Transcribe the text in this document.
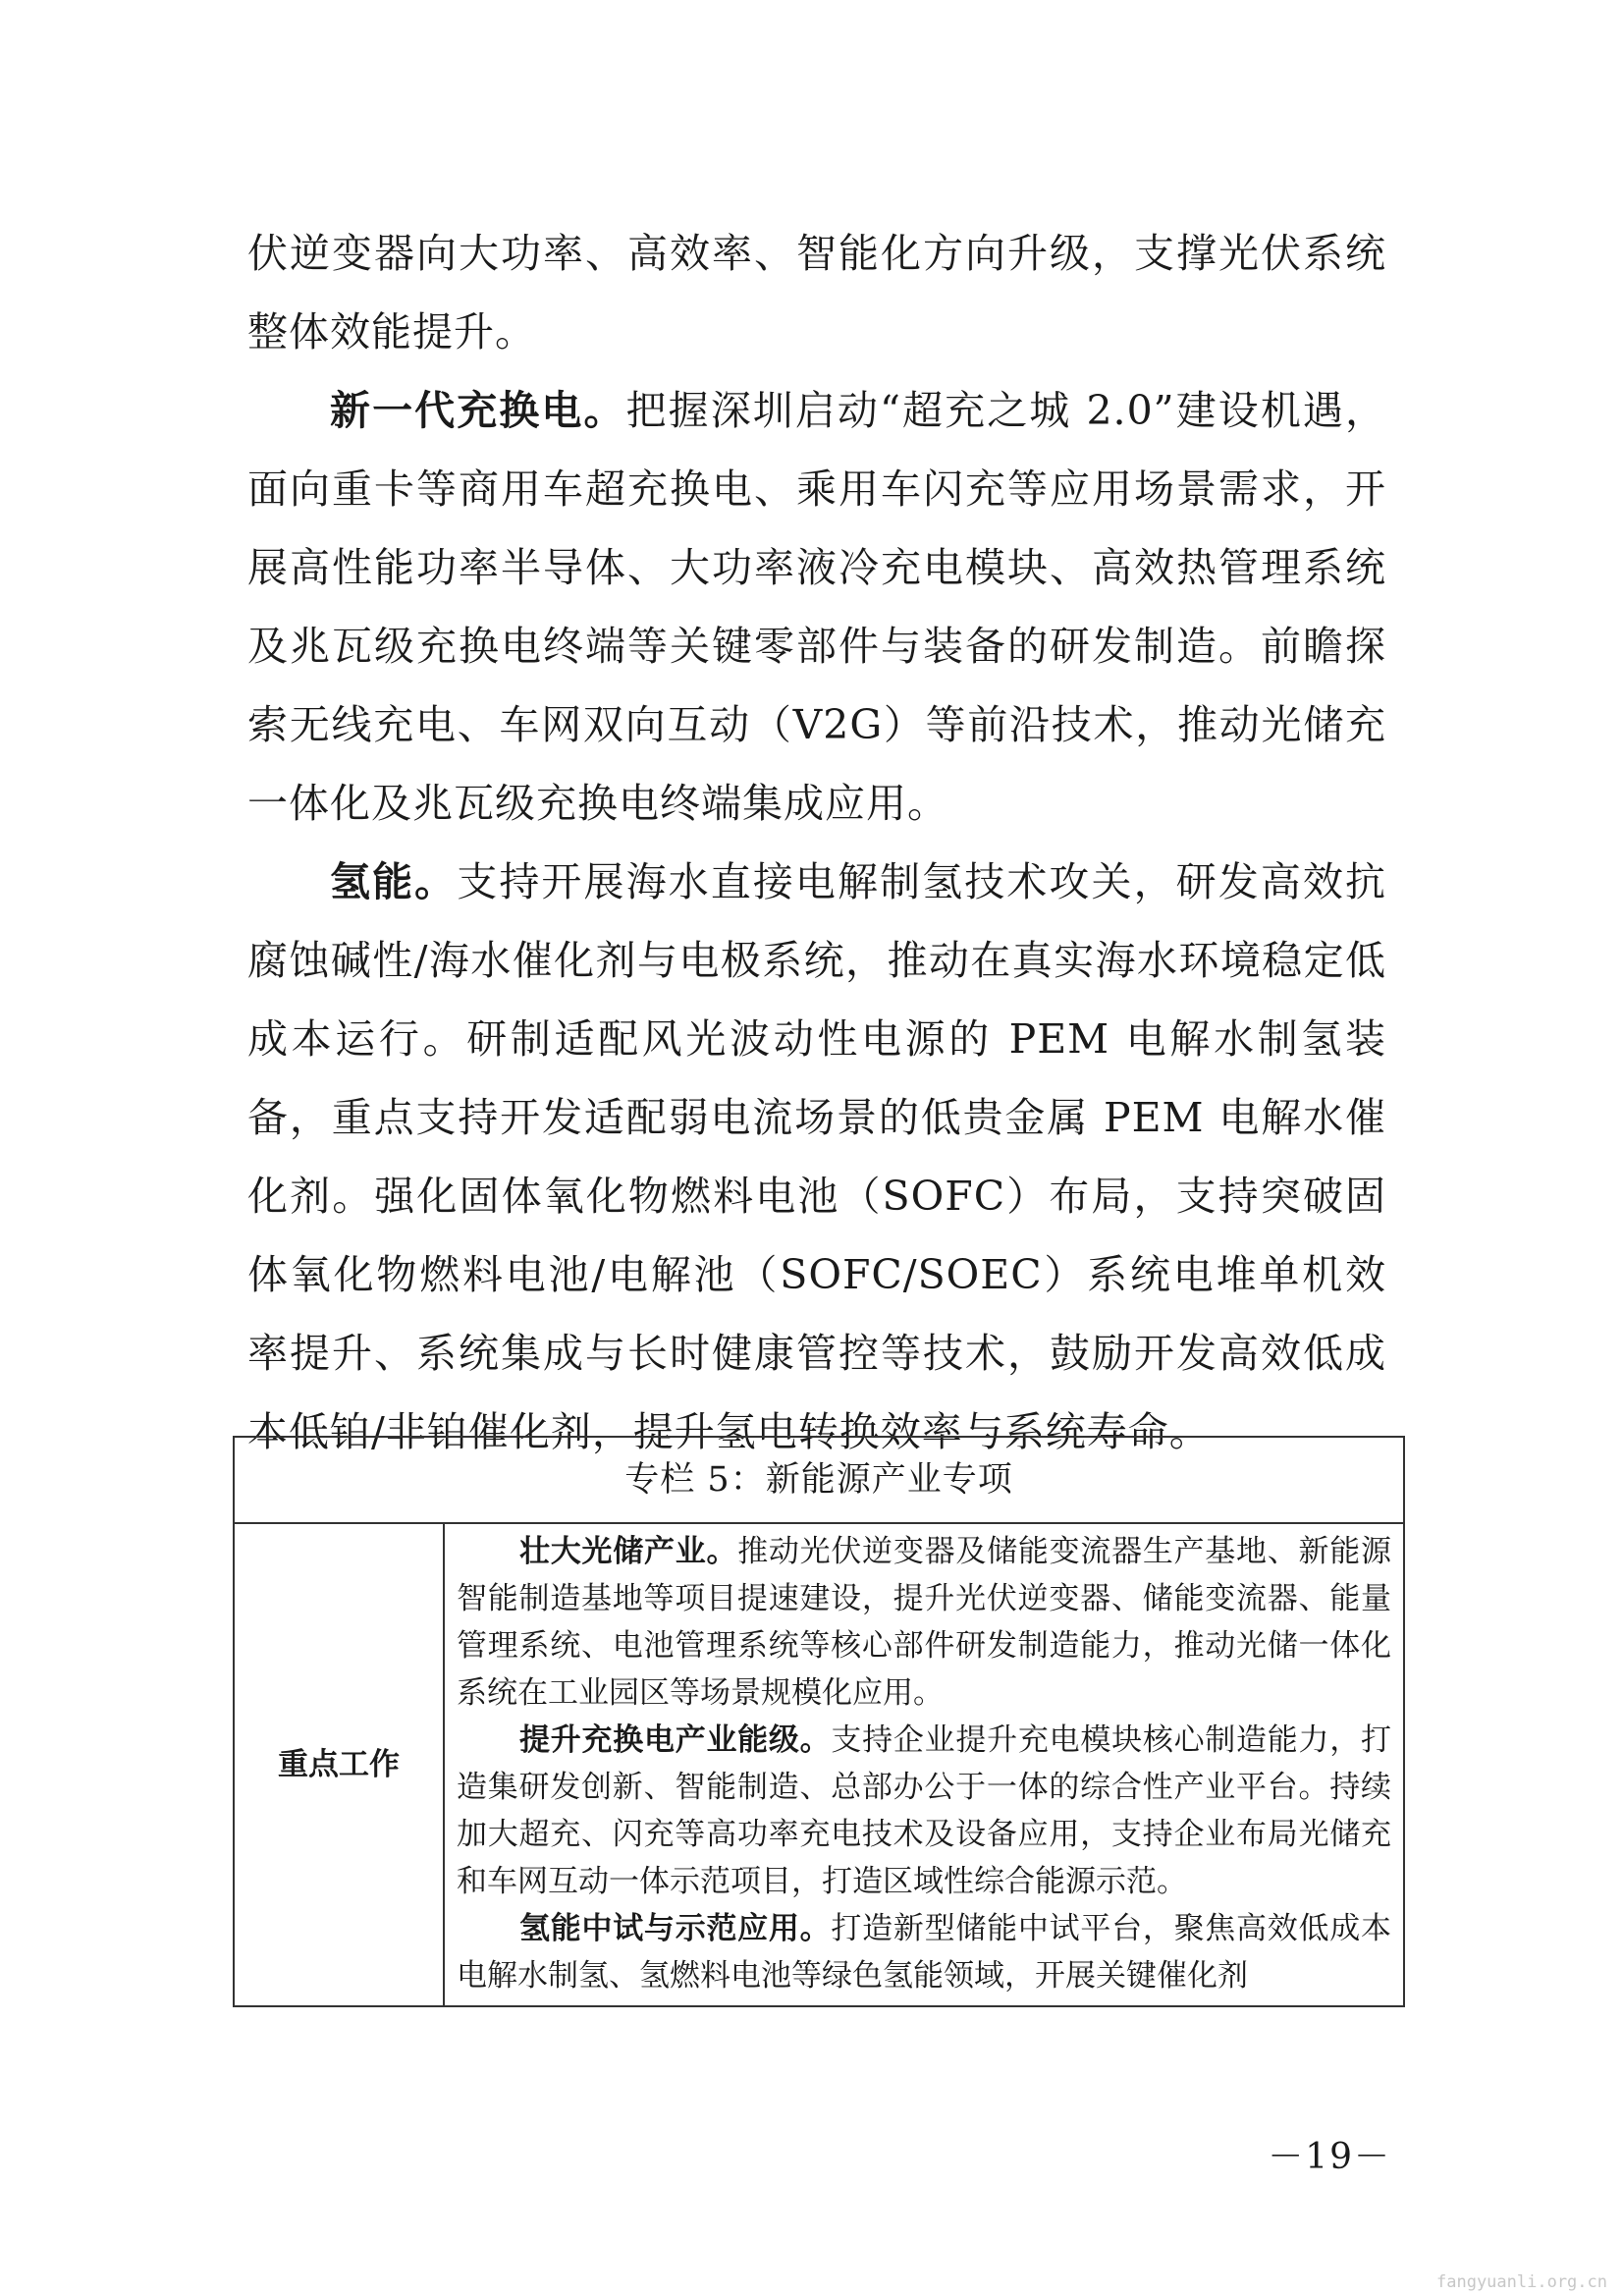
伏逆变器向大功率、高效率、智能化方向升级，支撑光伏系统整体效能提升。

新一代充换电。把握深圳启动“超充之城 2.0”建设机遇，面向重卡等商用车超充换电、乘用车闪充等应用场景需求，开展高性能功率半导体、大功率液冷充电模块、高效热管理系统及兆瓦级充换电终端等关键零部件与装备的研发制造。前瞻探索无线充电、车网双向互动（V2G）等前沿技术，推动光储充一体化及兆瓦级充换电终端集成应用。

氢能。支持开展海水直接电解制氢技术攻关，研发高效抗腐蚀碱性/海水催化剂与电极系统，推动在真实海水环境稳定低成本运行。研制适配风光波动性电源的 PEM 电解水制氢装备，重点支持开发适配弱电流场景的低贵金属 PEM 电解水催化剂。强化固体氧化物燃料电池（SOFC）布局，支持突破固体氧化物燃料电池/电解池（SOFC/SOEC）系统电堆单机效率提升、系统集成与长时健康管控等技术，鼓励开发高效低成本低铂/非铂催化剂，提升氢电转换效率与系统寿命。

专栏 5：新能源产业专项
重点工作	

壮大光储产业。推动光伏逆变器及储能变流器生产基地、新能源智能制造基地等项目提速建设，提升光伏逆变器、储能变流器、能量管理系统、电池管理系统等核心部件研发制造能力，推动光储一体化系统在工业园区等场景规模化应用。

提升充换电产业能级。支持企业提升充电模块核心制造能力，打造集研发创新、智能制造、总部办公于一体的综合性产业平台。持续加大超充、闪充等高功率充电技术及设备应用，支持企业布局光储充和车网互动一体示范项目，打造区域性综合能源示范。

氢能中试与示范应用。打造新型储能中试平台，聚焦高效低成本电解水制氢、氢燃料电池等绿色氢能领域，开展关键催化剂

－19－
fangyuanli.org.cn
